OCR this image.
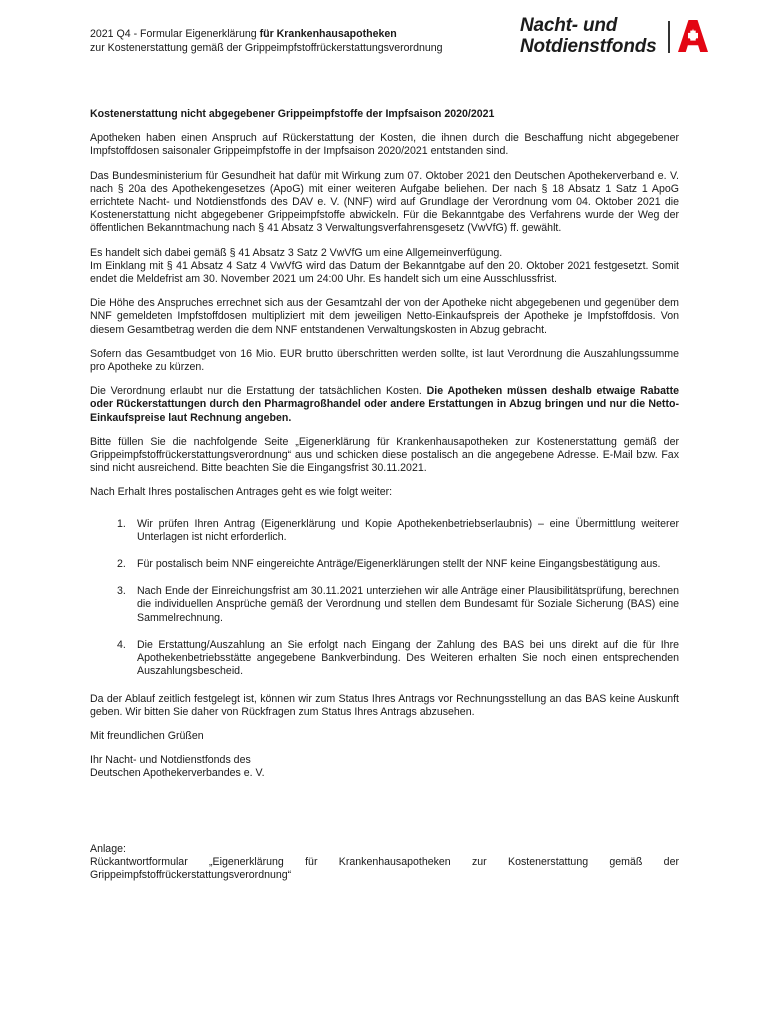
2021 Q4 - Formular Eigenerklärung für Krankenhausapotheken
zur Kostenerstattung gemäß der Grippeimpfstoffrückerstattungsverordnung
Nacht- und
Notdienstfonds

Kostenerstattung nicht abgegebener Grippeimpfstoffe der Impfsaison 2020/2021

Apotheken haben einen Anspruch auf Rückerstattung der Kosten, die ihnen durch die Beschaffung nicht abgegebener Impfstoffdosen saisonaler Grippeimpfstoffe in der Impfsaison 2020/2021 entstanden sind.

Das Bundesministerium für Gesundheit hat dafür mit Wirkung zum 07. Oktober 2021 den Deutschen Apothekerverband e. V. nach § 20a des Apothekengesetzes (ApoG) mit einer weiteren Aufgabe beliehen. Der nach § 18 Absatz 1 Satz 1 ApoG errichtete Nacht- und Notdienstfonds des DAV e. V. (NNF) wird auf Grundlage der Verordnung vom 04. Oktober 2021 die Kostenerstattung nicht abgegebener Grippeimpfstoffe abwickeln. Für die Bekanntgabe des Verfahrens wurde der Weg der öffentlichen Bekanntmachung nach § 41 Absatz 3 Verwaltungsverfahrensgesetz (VwVfG) ff. gewählt.

Es handelt sich dabei gemäß § 41 Absatz 3 Satz 2 VwVfG um eine Allgemeinverfügung.
Im Einklang mit § 41 Absatz 4 Satz 4 VwVfG wird das Datum der Bekanntgabe auf den 20. Oktober 2021 festgesetzt. Somit endet die Meldefrist am 30. November 2021 um 24:00 Uhr. Es handelt sich um eine Ausschlussfrist.

Die Höhe des Anspruches errechnet sich aus der Gesamtzahl der von der Apotheke nicht abgegebenen und gegenüber dem NNF gemeldeten Impfstoffdosen multipliziert mit dem jeweiligen Netto-Einkaufspreis der Apotheke je Impfstoffdosis. Von diesem Gesamtbetrag werden die dem NNF entstandenen Verwaltungskosten in Abzug gebracht.

Sofern das Gesamtbudget von 16 Mio. EUR brutto überschritten werden sollte, ist laut Verordnung die Auszahlungssumme pro Apotheke zu kürzen.

Die Verordnung erlaubt nur die Erstattung der tatsächlichen Kosten. Die Apotheken müssen deshalb etwaige Rabatte oder Rückerstattungen durch den Pharmagroßhandel oder andere Erstattungen in Abzug bringen und nur die Netto-Einkaufspreise laut Rechnung angeben.

Bitte füllen Sie die nachfolgende Seite „Eigenerklärung für Krankenhausapotheken zur Kostenerstattung gemäß der Grippeimpfstoffrückerstattungsverordnung“ aus und schicken diese postalisch an die angegebene Adresse. E-Mail bzw. Fax sind nicht ausreichend. Bitte beachten Sie die Eingangsfrist 30.11.2021.

Nach Erhalt Ihres postalischen Antrages geht es wie folgt weiter:

1. Wir prüfen Ihren Antrag (Eigenerklärung und Kopie Apothekenbetriebserlaubnis) – eine Übermittlung weiterer Unterlagen ist nicht erforderlich.
2. Für postalisch beim NNF eingereichte Anträge/Eigenerklärungen stellt der NNF keine Eingangsbestätigung aus.
3. Nach Ende der Einreichungsfrist am 30.11.2021 unterziehen wir alle Anträge einer Plausibilitätsprüfung, berechnen die individuellen Ansprüche gemäß der Verordnung und stellen dem Bundesamt für Soziale Sicherung (BAS) eine Sammelrechnung.
4. Die Erstattung/Auszahlung an Sie erfolgt nach Eingang der Zahlung des BAS bei uns direkt auf die für Ihre Apothekenbetriebsstätte angegebene Bankverbindung. Des Weiteren erhalten Sie noch einen entsprechenden Auszahlungsbescheid.

Da der Ablauf zeitlich festgelegt ist, können wir zum Status Ihres Antrags vor Rechnungsstellung an das BAS keine Auskunft geben. Wir bitten Sie daher von Rückfragen zum Status Ihres Antrags abzusehen.

Mit freundlichen Grüßen

Ihr Nacht- und Notdienstfonds des
Deutschen Apothekerverbandes e. V.

Anlage:
Rückantwortformular „Eigenerklärung für Krankenhausapotheken zur Kostenerstattung gemäß der Grippeimpfstoffrückerstattungsverordnung“
